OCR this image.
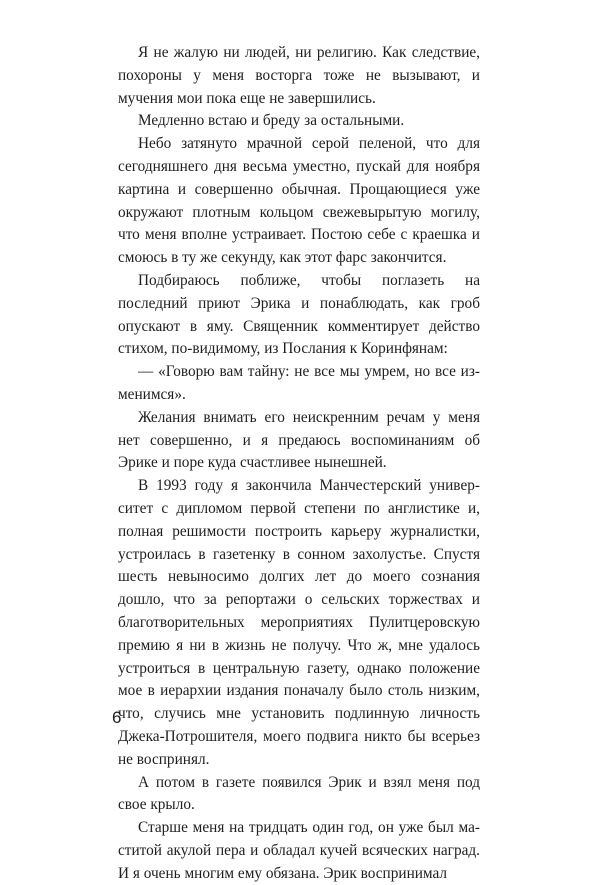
Я не жалую ни людей, ни религию. Как следствие, похороны у меня восторга тоже не вызывают, и мучения мои пока еще не завершились.

Медленно встаю и бреду за остальными.

Небо затянуто мрачной серой пеленой, что для сегодняшнего дня весьма уместно, пускай для ноября картина и совершенно обычная. Прощающиеся уже окружают плотным кольцом свежевырытую могилу, что меня вполне устраивает. Постою себе с краешка и смоюсь в ту же секунду, как этот фарс закончится.

Подбираюсь поближе, чтобы поглазеть на последний приют Эрика и понаблюдать, как гроб опускают в яму. Священник комментирует действо стихом, по-видимому, из Послания к Коринфянам:

— «Говорю вам тайну: не все мы умрем, но все изменимся».

Желания внимать его неискренним речам у меня нет совершенно, и я предаюсь воспоминаниям об Эрике и поре куда счастливее нынешней.

В 1993 году я закончила Манчестерский университет с дипломом первой степени по англистике и, полная решимости построить карьеру журналистки, устроилась в газетенку в сонном захолустье. Спустя шесть невыносимо долгих лет до моего сознания дошло, что за репортажи о сельских торжествах и благотворительных мероприятиях Пулитцеровскую премию я ни в жизнь не получу. Что ж, мне удалось устроиться в центральную газету, однако положение мое в иерархии издания поначалу было столь низким, что, случись мне установить подлинную личность Джека-Потрошителя, моего подвига никто бы всерьез не воспринял.

А потом в газете появился Эрик и взял меня под свое крыло.

Старше меня на тридцать один год, он уже был маститой акулой пера и обладал кучей всяческих наград. И я очень многим ему обязана. Эрик воспринимал

6
